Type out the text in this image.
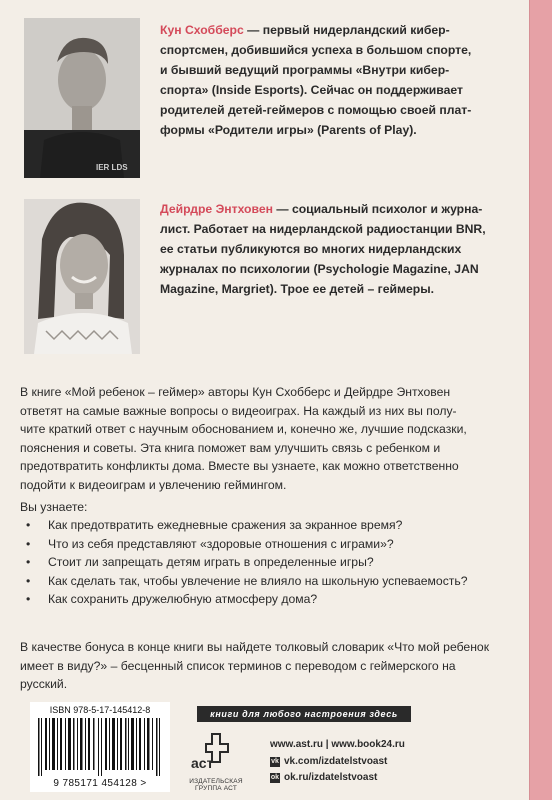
IER LDS
Кун Схобберс — первый нидерландский кибер-
спортсмен, добившийся успеха в большом спорте,
и бывший ведущий программы «Внутри кибер-
спорта» (Inside Esports). Сейчас он поддерживает
родителей детей-геймеров с помощью своей плат-
формы «Родители игры» (Parents of Play).
Дейрдре Энтховен — социальный психолог и журна-
лист. Работает на нидерландской радиостанции BNR,
ее статьи публикуются во многих нидерландских
журналах по психологии (Psychologie Magazine, JAN
Magazine, Margriet). Трое ее детей – геймеры.
В книге «Мой ребенок – геймер» авторы Кун Схобберс и Дейрдре Энтховен
ответят на самые важные вопросы о видеоиграх. На каждый из них вы полу-
чите краткий ответ с научным обоснованием и, конечно же, лучшие подсказки,
пояснения и советы. Эта книга поможет вам улучшить связь с ребенком и
предотвратить конфликты дома. Вместе вы узнаете, как можно ответственно
подойти к видеоиграм и увлечению геймингом.
Вы узнаете:
• Как предотвратить ежедневные сражения за экранное время?
• Что из себя представляют «здоровые отношения с играми»?
• Стоит ли запрещать детям играть в определенные игры?
• Как сделать так, чтобы увлечение не влияло на школьную успеваемость?
• Как сохранить дружелюбную атмосферу дома?
В качестве бонуса в конце книги вы найдете толковый словарик «Что мой ребенок
имеет в виду?» – бесценный список терминов с переводом с геймерского на
русский.
книги для любого настроения здесь
ISBN 978-5-17-145412-8
9 785171 454128 >
аст
ИЗДАТЕЛЬСКАЯ ГРУППА АСТ
www.ast.ru | www.book24.ru
vk vk.com/izdatelstvoast
ok ok.ru/izdatelstvoast
